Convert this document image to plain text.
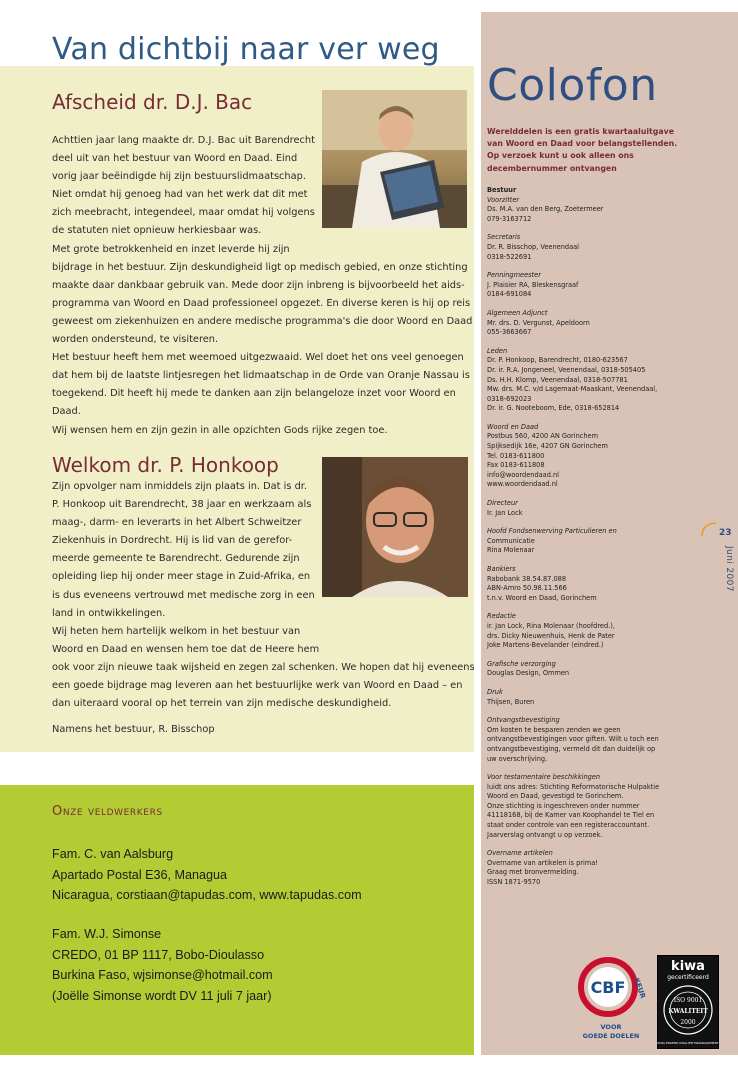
Van dichtbij naar ver weg
Afscheid dr. D.J. Bac
Achttien jaar lang maakte dr. D.J. Bac uit Barendrecht
deel uit van het bestuur van Woord en Daad. Eind
vorig jaar beëindigde hij zijn bestuurslidmaatschap.
Niet omdat hij genoeg had van het werk dat dit met
zich meebracht, integendeel, maar omdat hij volgens
de statuten niet opnieuw herkiesbaar was.
Met grote betrokkenheid en inzet leverde hij zijn
bijdrage in het bestuur. Zijn deskundigheid ligt op medisch gebied, en onze stichting
maakte daar dankbaar gebruik van. Mede door zijn inbreng is bijvoorbeeld het aids-
programma van Woord en Daad professioneel opgezet. En diverse keren is hij op reis
geweest om ziekenhuizen en andere medische programma's die door Woord en Daad
worden ondersteund, te visiteren.
Het bestuur heeft hem met weemoed uitgezwaaid. Wel doet het ons veel genoegen
dat hem bij de laatste lintjesregen het lidmaatschap in de Orde van Oranje Nassau is
toegekend. Dit heeft hij mede te danken aan zijn belangeloze inzet voor Woord en
Daad.
Wij wensen hem en zijn gezin in alle opzichten Gods rijke zegen toe.
Welkom dr. P. Honkoop
Zijn opvolger nam inmiddels zijn plaats in. Dat is dr.
P. Honkoop uit Barendrecht, 38 jaar en werkzaam als
maag-, darm- en leverarts in het Albert Schweitzer
Ziekenhuis in Dordrecht. Hij is lid van de gerefor-
meerde gemeente te Barendrecht. Gedurende zijn
opleiding liep hij onder meer stage in Zuid-Afrika, en
is dus eveneens vertrouwd met medische zorg in een
land in ontwikkelingen.
Wij heten hem hartelijk welkom in het bestuur van
Woord en Daad en wensen hem toe dat de Heere hem
ook voor zijn nieuwe taak wijsheid en zegen zal schenken. We hopen dat hij eveneens
een goede bijdrage mag leveren aan het bestuurlijke werk van Woord en Daad – en
dan uiteraard vooral op het terrein van zijn medische deskundigheid.
Namens het bestuur, R. Bisschop
Onze veldwerkers
Fam. C. van Aalsburg
Apartado Postal E36, Managua
Nicaragua, corstiaan@tapudas.com, www.tapudas.com
Fam. W.J. Simonse
CREDO, 01 BP 1117, Bobo-Dioulasso
Burkina Faso, wjsimonse@hotmail.com
(Joëlle Simonse wordt DV 11 juli 7 jaar)
Colofon
Werelddelen is een gratis kwartaaluitgave
van Woord en Daad voor belangstellenden.
Op verzoek kunt u ook alleen ons
decembernummer ontvangen
Bestuur
Voorzitter
Ds. M.A. van den Berg, Zoetermeer
079-3163712
Secretaris
Dr. R. Bisschop, Veenendaal
0318-522691
Penningmeester
J. Plaisier RA, Bleskensgraaf
0184-691084
Algemeen Adjunct
Mr. drs. D. Vergunst, Apeldoorn
055-3663667
Leden
Dr. P. Honkoop, Barendrecht, 0180-623567
Dr. ir. R.A. Jongeneel, Veenendaal, 0318-505405
Ds. H.H. Klomp, Veenendaal, 0318-507781
Mw. drs. M.C. v/d Lagemaat-Maaskant, Veenendaal,
0318-692023
Dr. ir. G. Nooteboom, Ede, 0318-652814
Woord en Daad
Postbus 560, 4200 AN Gorinchem
Spijksedijk 16e, 4207 GN Gorinchem
Tel. 0183-611800
Fax 0183-611808
info@woordendaad.nl
www.woordendaad.nl
Directeur
Ir. Jan Lock
Hoofd Fondsenwerving Particulieren en
Communicatie
Rina Molenaar
Bankiers
Rabobank 38.54.87.088
ABN-Amro 50.98.11.566
t.n.v. Woord en Daad, Gorinchem
Redactie
ir. Jan Lock, Rina Molenaar (hoofdred.),
drs. Dicky Nieuwenhuis, Henk de Pater
Joke Martens-Bevelander (eindred.)
Grafische verzorging
Douglas Design, Ommen
Druk
Thijsen, Buren
Ontvangstbevestiging
Om kosten te besparen zenden we geen
ontvangstbevestigingen voor giften. Wilt u toch een
ontvangstbevestiging, vermeld dit dan duidelijk op
uw overschrijving.
Voor testamentaire beschikkingen
luidt ons adres: Stichting Reformatorische Hulpaktie
Woord en Daad, gevestigd te Gorinchem.
Onze stichting is ingeschreven onder nummer
41118168, bij de Kamer van Koophandel te Tiel en
staat onder controle van een registeraccountant.
Jaarverslag ontvangt u op verzoek.
Overname artikelen
Overname van artikelen is prima!
Graag met bronvermelding.
ISSN 1871-9570
23
Juni 2007
CBF KEUR
VOOR
GOEDE DOELEN
kiwa
gecertificeerd
ISO 9001
KWALITEIT
2000
KIWA ERKEND KWALITEITSMANAGEMENT
